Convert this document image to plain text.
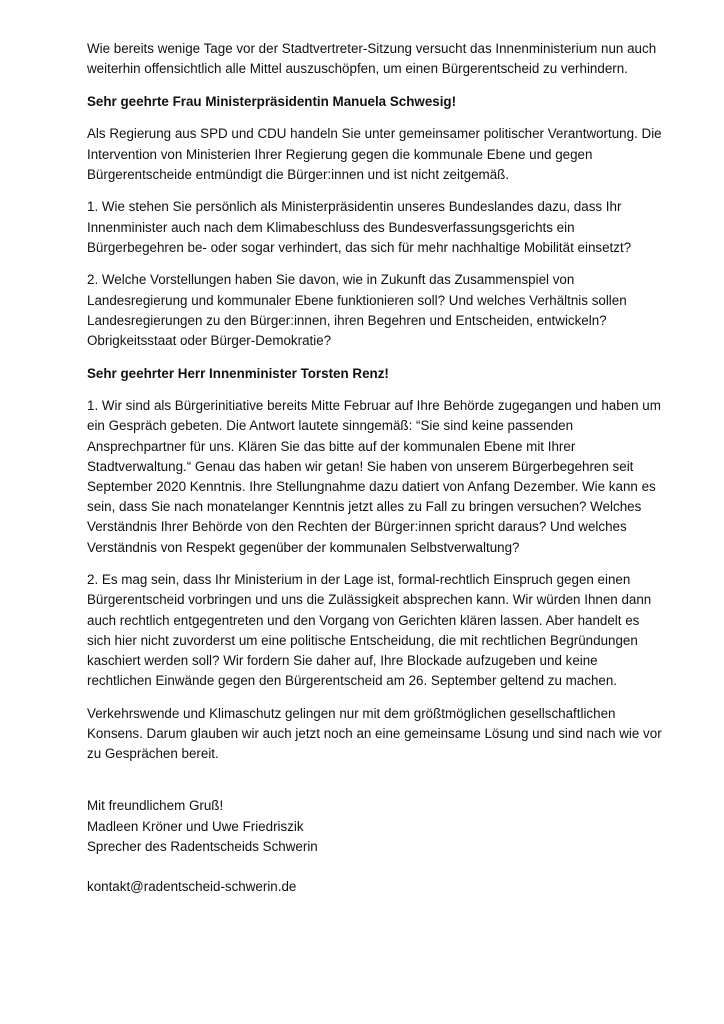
Wie bereits wenige Tage vor der Stadtvertreter-Sitzung versucht das Innenministerium nun auch
weiterhin offensichtlich alle Mittel auszuschöpfen, um einen Bürgerentscheid zu verhindern.

Sehr geehrte Frau Ministerpräsidentin Manuela Schwesig!

Als Regierung aus SPD und CDU handeln Sie unter gemeinsamer politischer Verantwortung. Die
Intervention von Ministerien Ihrer Regierung gegen die kommunale Ebene und gegen
Bürgerentscheide entmündigt die Bürger:innen und ist nicht zeitgemäß.

1. Wie stehen Sie persönlich als Ministerpräsidentin unseres Bundeslandes dazu, dass Ihr
Innenminister auch nach dem Klimabeschluss des Bundesverfassungsgerichts ein
Bürgerbegehren be- oder sogar verhindert, das sich für mehr nachhaltige Mobilität einsetzt?

2. Welche Vorstellungen haben Sie davon, wie in Zukunft das Zusammenspiel von
Landesregierung und kommunaler Ebene funktionieren soll? Und welches Verhältnis sollen
Landesregierungen zu den Bürger:innen, ihren Begehren und Entscheiden, entwickeln?
Obrigkeitsstaat oder Bürger-Demokratie?

Sehr geehrter Herr Innenminister Torsten Renz!

1. Wir sind als Bürgerinitiative bereits Mitte Februar auf Ihre Behörde zugegangen und haben um
ein Gespräch gebeten. Die Antwort lautete sinngemäß: “Sie sind keine passenden
Ansprechpartner für uns. Klären Sie das bitte auf der kommunalen Ebene mit Ihrer
Stadtverwaltung.“ Genau das haben wir getan! Sie haben von unserem Bürgerbegehren seit
September 2020 Kenntnis. Ihre Stellungnahme dazu datiert von Anfang Dezember. Wie kann es
sein, dass Sie nach monatelanger Kenntnis jetzt alles zu Fall zu bringen versuchen? Welches
Verständnis Ihrer Behörde von den Rechten der Bürger:innen spricht daraus? Und welches
Verständnis von Respekt gegenüber der kommunalen Selbstverwaltung?

2. Es mag sein, dass Ihr Ministerium in der Lage ist, formal-rechtlich Einspruch gegen einen
Bürgerentscheid vorbringen und uns die Zulässigkeit absprechen kann. Wir würden Ihnen dann
auch rechtlich entgegentreten und den Vorgang von Gerichten klären lassen. Aber handelt es
sich hier nicht zuvorderst um eine politische Entscheidung, die mit rechtlichen Begründungen
kaschiert werden soll? Wir fordern Sie daher auf, Ihre Blockade aufzugeben und keine
rechtlichen Einwände gegen den Bürgerentscheid am 26. September geltend zu machen.

Verkehrswende und Klimaschutz gelingen nur mit dem größtmöglichen gesellschaftlichen
Konsens. Darum glauben wir auch jetzt noch an eine gemeinsame Lösung und sind nach wie vor
zu Gesprächen bereit.

Mit freundlichem Gruß!
Madleen Kröner und Uwe Friedriszik
Sprecher des Radentscheids Schwerin
kontakt@radentscheid-schwerin.de
